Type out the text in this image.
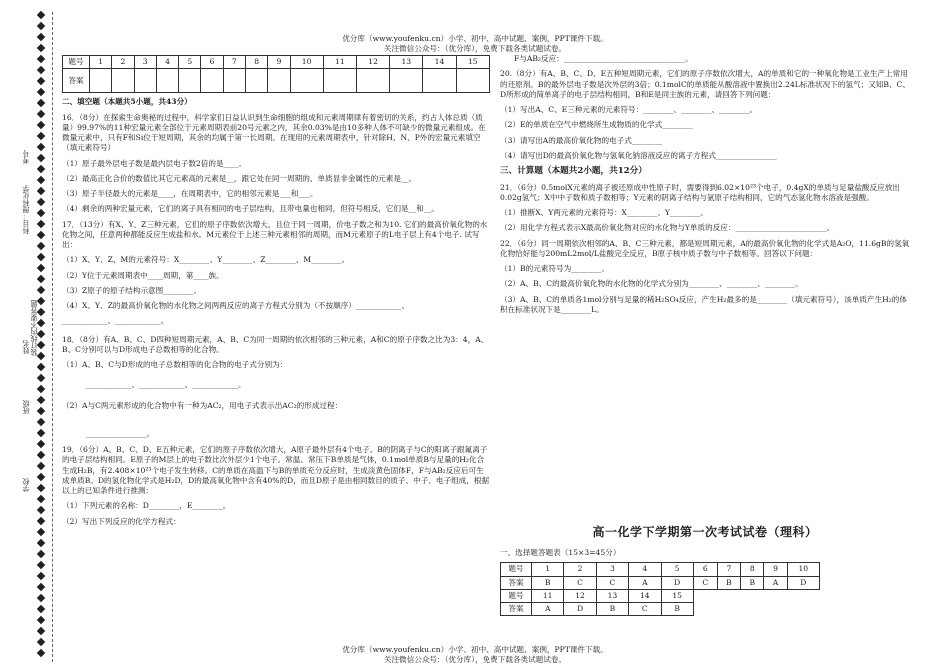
科目：理科化学
考号
姓名 装订线内不要答题
班级
学校
优分库（www.youfenku.cn）小学、初中、高中试题、案例，PPT课件下载。
关注微信公众号：（优分库），免费下载各类试题试卷。
题号	1	2	3	4	5	6	7	8	9	10	11	12	13	14	15
答案															

二、填空题（本题共5小题，共43分）

16．（8分）在探索生命奥秘的过程中，科学家们日益认识到生命细胞的组成和元素周期律有着密切的关系，约占人体总质（质量）99.97%的11种宏量元素全部位于元素周期表前20号元素之内，其余0.03%是由10多种人体不可缺少的微量元素组成。在微量元素中，只有F和Si位于短周期，其余的均属于第一长周期。在现用的元素周期表中，针对除H、N、P外的宏量元素填空（填元素符号）

（1）原子最外层电子数是最内层电子数2倍的是____。

（2）最高正化合价的数值比其它元素高的元素是__，跟它处在同一周期的、单质显非金属性的元素是__。

（3）原子半径最大的元素是____，在周期表中，它的相邻元素是___和___。

（4）剩余的两种宏量元素，它们的离子具有相同的电子层结构，且带电量也相同，但符号相反，它们是__和__。

17．（13分）有X、Y、Z三种元素，它们的原子序数依次增大，且位于同一周期，价电子数之和为10. 它们的最高价氧化物的水化物之间，任意两种都能反应生成盐和水。M元素位于上述三种元素相邻的周期，而M元素原子的L电子层上有4个电子. 试写出：

（1）X、Y、Z、M的元素符号：X________、Y________、Z________、M________。

（2）Y位于元素周期表中____周期，第____族。

（3）Z原子的原子结构示意图________。

（4）X、Y、Z的最高价氧化物的水化物之间两两反应的离子方程式分别为（不按顺序）____________、

____________、____________。

18．（8分）有A、B、C、D四种短周期元素，A、B、C为同一周期的依次相邻的三种元素，A和C的原子序数之比为3：4，A、B、C分别可以与D形成电子总数相等的化合物。

（1）A、B、C与D形成的电子总数相等的化合物的电子式分别为：

____________、____________、____________。

（2）A与C两元素形成的化合物中有一种为AC₂，用电子式表示出AC₂的形成过程：

________________。

19．（6分）A、B、C、D、E五种元素，它们的原子序数依次增大，A原子最外层有4个电子。B的阴离子与C的阳离子跟氟离子的电子层结构相同。E原子的M层上的电子数比次外层少1个电子。常温、常压下B单质是气体，0.1mol单质B与足量的H₂化合生成H₂B，有2.408×10²³个电子发生转移。C的单质在高温下与B的单质充分反应时，生成淡黄色固体F，F与AB₂反应后可生成单质B。D的氢化物化学式是H₂D，D的最高氧化物中含有40%的D，而且D原子是由相同数目的质子、中子、电子组成，根据以上的已知条件进行推测：

（1）下列元素的名称：D________，E________。

（2）写出下列反应的化学方程式：

F与AB₂反应：________________________________。

20.（8分）有A、B、C、D、E五种短周期元素，它们的原子序数依次增大，A的单质和它的一种氧化物是工业生产上常用的还原剂。B的最外层电子数是次外层的3倍；0.1molC的单质能从酸溶液中置换出2.24L标准状况下的氢气；又知B、C、D所形成的简单离子的电子层结构相同，B和E是同主族的元素，请回答下列问题：

（1）写出A、C、E三种元素的元素符号：________、________、________。

（2）E的单质在空气中燃烧所生成物质的化学式________

（3）请写出A的最高价氧化物的电子式________

（4）请写出D的最高价氧化物与氢氧化钠溶液反应的离子方程式________________

三、计算题（本题共2小题，共12分）

21．（6分）0.5molX元素的离子被还原成中性原子时，需要得到6.02×10²³个电子，0.4gX的单质与足量盐酸反应放出0.02g氢气；X中中子数和质子数相等；Y元素的阴离子结构与氩原子结构相同，它的气态氢化物水溶液是强酸。

（1）推断X、Y两元素的元素符号：X________、Y________。

（2）用化学方程式表示X最高价氧化物对应的水化物与Y单质的反应：________________________。

22．（6分）同一周期依次相邻的A、B、C三种元素，都是短周期元素，A的最高价氧化物的化学式是A₂O，11.6gB的氢氧化物恰好能与200mL2mol/L盐酸完全反应，B原子核中质子数与中子数相等。回答以下问题：

（1）B的元素符号为________。

（2）A、B、C的最高价氧化物的水化物的化学式分别为________、________、________。

（3）A、B、C的单质各1mol分别与足量的稀H₂SO₄反应，产生H₂最多的是________（填元素符号），该单质产生H₂的体积在标准状况下是________L。

高一化学下学期第一次考试试卷（理科）
一、选择题答题表（15×3=45分）
题号	1	2	3	4	5	6	7	8	9	10
答案	B	C	C	A	D	C	B	B	A	D
题号	11	12	13	14	15					
答案	A	D	B	C	B					
优分库（www.youfenku.cn）小学、初中、高中试题、案例，PPT课件下载。
关注微信公众号：（优分库），免费下载各类试题试卷。
